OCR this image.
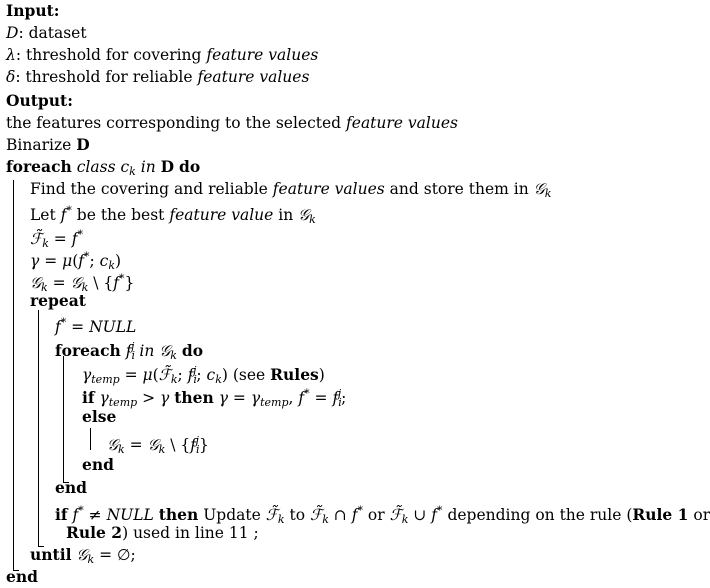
Input:
D: dataset
λ: threshold for covering feature values
δ: threshold for reliable feature values
Output:
the features corresponding to the selected feature values
Binarize D
foreach class $c_k$ in D do
Find the covering and reliable feature values and store them in 𝒢$_k$
Let f* be the best feature value in 𝒢$_k$
$ℱ̃_k = f^*$
γ = μ(f*; $c_k$)
𝒢$_k$ = 𝒢$_k$ \ {f*}
repeat
f* = NULL
foreach $f_i^j$ in 𝒢$_k$ do
$\gamma_{temp}$ = $\mu(ℱ̃_k$; $f_i^j$; $c_k$) (see Rules)
if $\gamma_{temp} > \gamma$ then $\gamma = \gamma_{temp}$, $f^* = f_i^j$;
else
𝒢$_k$ = 𝒢$_k$ \ $\{f_i^j\}$
end
end
if f* ≠ NULL then Update $ℱ̃_k$ to $ℱ̃_k$ ∩ f* or $ℱ̃_k$ ∪ f* depending on the rule (Rule 1 or
Rule 2) used in line 11 ;
until 𝒢$_k$ = ∅;
end
